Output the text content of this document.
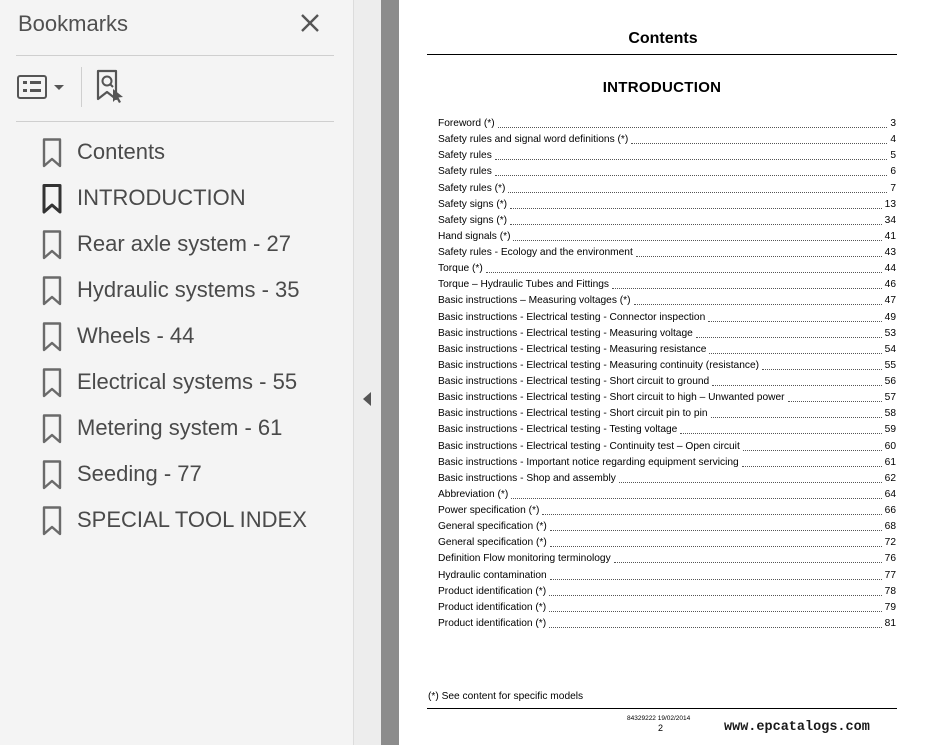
Bookmarks
Contents
INTRODUCTION
Rear axle system - 27
Hydraulic systems - 35
Wheels - 44
Electrical systems - 55
Metering system - 61
Seeding - 77
SPECIAL TOOL INDEX
Contents
INTRODUCTION
Foreword (*)	3
Safety rules and signal word definitions (*)	4
Safety rules	5
Safety rules	6
Safety rules (*)	7
Safety signs (*)	13
Safety signs (*)	34
Hand signals (*)	41
Safety rules - Ecology and the environment	43
Torque (*)	44
Torque – Hydraulic Tubes and Fittings	46
Basic instructions – Measuring voltages (*)	47
Basic instructions - Electrical testing - Connector inspection	49
Basic instructions - Electrical testing - Measuring voltage	53
Basic instructions - Electrical testing - Measuring resistance	54
Basic instructions - Electrical testing - Measuring continuity (resistance)	55
Basic instructions - Electrical testing - Short circuit to ground	56
Basic instructions - Electrical testing - Short circuit to high – Unwanted power	57
Basic instructions - Electrical testing - Short circuit pin to pin	58
Basic instructions - Electrical testing - Testing voltage	59
Basic instructions - Electrical testing - Continuity test – Open circuit	60
Basic instructions - Important notice regarding equipment servicing	61
Basic instructions - Shop and assembly	62
Abbreviation (*)	64
Power specification (*)	66
General specification (*)	68
General specification (*)	72
Definition Flow monitoring terminology	76
Hydraulic contamination	77
Product identification (*)	78
Product identification (*)	79
Product identification (*)	81
(*) See content for specific models
84329222 19/02/2014
2	www.epcatalogs.com
